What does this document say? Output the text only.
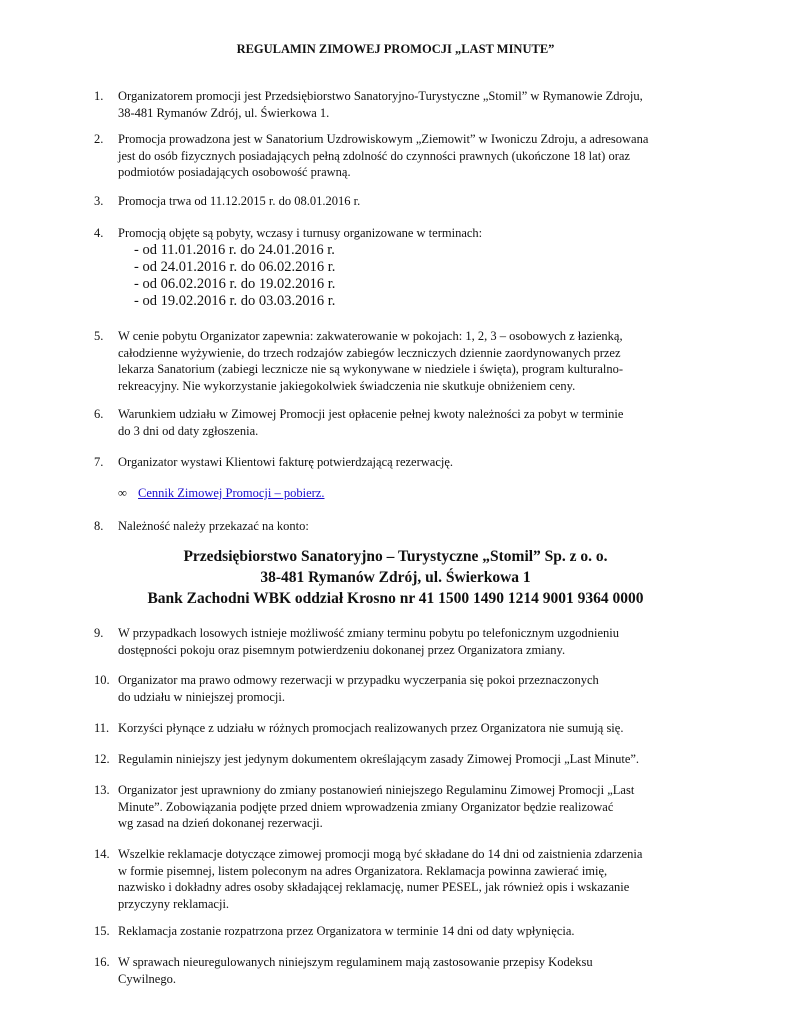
REGULAMIN ZIMOWEJ PROMOCJI „LAST MINUTE”
1.	Organizatorem promocji jest Przedsiębiorstwo Sanatoryjno-Turystyczne „Stomil” w Rymanowie Zdroju,
38-481 Rymanów Zdrój, ul. Świerkowa 1.
2.	Promocja prowadzona jest w Sanatorium Uzdrowiskowym „Ziemowit” w Iwoniczu Zdroju, a adresowana
jest do osób fizycznych posiadających pełną zdolność do czynności prawnych (ukończone 18 lat) oraz
podmiotów posiadających osobowość prawną.
3.	Promocja trwa od 11.12.2015 r. do 08.01.2016 r.
4.	Promocją objęte są pobyty, wczasy i turnusy organizowane w terminach:
- od 11.01.2016 r. do 24.01.2016 r.
- od 24.01.2016 r. do 06.02.2016 r.
- od 06.02.2016 r. do 19.02.2016 r.
- od 19.02.2016 r. do 03.03.2016 r.
5.	W cenie pobytu Organizator zapewnia: zakwaterowanie w pokojach: 1, 2, 3 – osobowych z łazienką,
całodzienne wyżywienie, do trzech rodzajów zabiegów leczniczych dziennie zaordynowanych przez
lekarza Sanatorium (zabiegi lecznicze nie są wykonywane w niedziele i święta), program kulturalno-
rekreacyjny. Nie wykorzystanie jakiegokolwiek świadczenia nie skutkuje obniżeniem ceny.
6.	Warunkiem udziału w Zimowej Promocji jest opłacenie pełnej kwoty należności za pobyt w terminie
do 3 dni od daty zgłoszenia.
7.	Organizator wystawi Klientowi fakturę potwierdzającą rezerwację.
∞ Cennik Zimowej Promocji – pobierz.
8.	Należność należy przekazać na konto:
Przedsiębiorstwo Sanatoryjno – Turystyczne „Stomil” Sp. z o. o.
38-481 Rymanów Zdrój, ul. Świerkowa 1
Bank Zachodni WBK oddział Krosno nr 41 1500 1490 1214 9001 9364 0000
9.	W przypadkach losowych istnieje możliwość zmiany terminu pobytu po telefonicznym uzgodnieniu
dostępności pokoju oraz pisemnym potwierdzeniu dokonanej przez Organizatora zmiany.
10. Organizator ma prawo odmowy rezerwacji w przypadku wyczerpania się pokoi przeznaczonych
do udziału w niniejszej promocji.
11. Korzyści płynące z udziału w różnych promocjach realizowanych przez Organizatora nie sumują się.
12. Regulamin niniejszy jest jedynym dokumentem określającym zasady Zimowej Promocji „Last Minute”.
13. Organizator jest uprawniony do zmiany postanowień niniejszego Regulaminu Zimowej Promocji „Last
Minute”. Zobowiązania podjęte przed dniem wprowadzenia zmiany Organizator będzie realizować
wg zasad na dzień dokonanej rezerwacji.
14. Wszelkie reklamacje dotyczące zimowej promocji mogą być składane do 14 dni od zaistnienia zdarzenia
w formie pisemnej, listem poleconym na adres Organizatora. Reklamacja powinna zawierać imię,
nazwisko i dokładny adres osoby składającej reklamację, numer PESEL, jak również opis i wskazanie
przyczyny reklamacji.
15. Reklamacja zostanie rozpatrzona przez Organizatora w terminie 14 dni od daty wpłynięcia.
16. W sprawach nieuregulowanych niniejszym regulaminem mają zastosowanie przepisy Kodeksu
Cywilnego.
